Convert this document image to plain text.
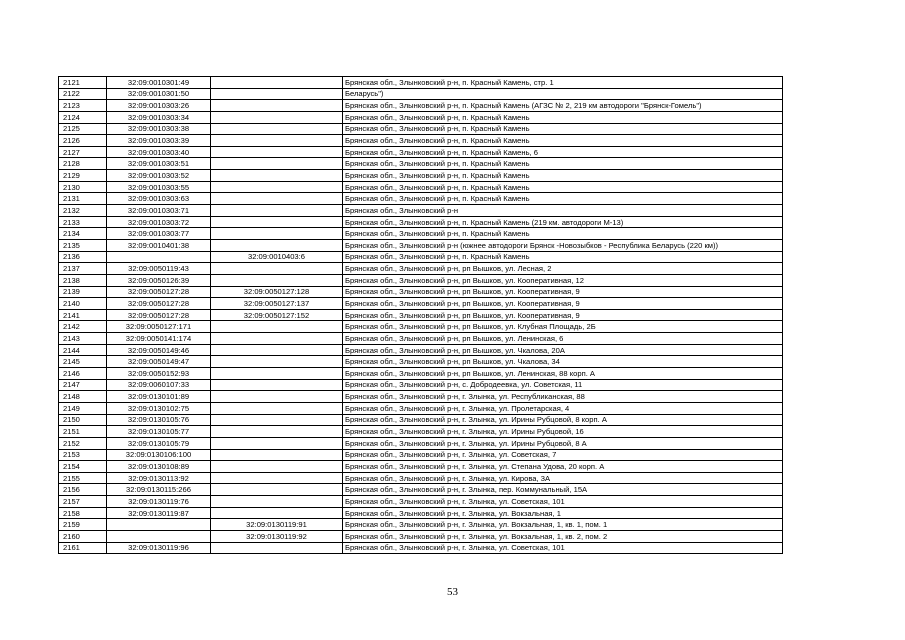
2121	32:09:0010301:49		Брянская обл., Злынковский р-н, п. Красный Камень, стр. 1
2122	32:09:0010301:50		Беларусь")
2123	32:09:0010303:26		Брянская обл., Злынковский р-н, п. Красный Камень (АГЗС № 2, 219 км автодороги "Брянск-Гомель")
2124	32:09:0010303:34		Брянская обл., Злынковский р-н, п. Красный Камень
2125	32:09:0010303:38		Брянская обл., Злынковский р-н, п. Красный Камень
2126	32:09:0010303:39		Брянская обл., Злынковский р-н, п. Красный Камень
2127	32:09:0010303:40		Брянская обл., Злынковский р-н, п. Красный Камень, 6
2128	32:09:0010303:51		Брянская обл., Злынковский р-н, п. Красный Камень
2129	32:09:0010303:52		Брянская обл., Злынковский р-н, п. Красный Камень
2130	32:09:0010303:55		Брянская обл., Злынковский р-н, п. Красный Камень
2131	32:09:0010303:63		Брянская обл., Злынковский р-н, п. Красный Камень
2132	32:09:0010303:71		Брянская обл., Злынковский р-н
2133	32:09:0010303:72		Брянская обл., Злынковский р-н, п. Красный Камень (219 км. автодороги М-13)
2134	32:09:0010303:77		Брянская обл., Злынковский р-н, п. Красный Камень
2135	32:09:0010401:38		Брянская обл., Злынковский р-н (южнее автодороги Брянск -Новозыбков - Республика Беларусь (220 км))
2136		32:09:0010403:6	Брянская обл., Злынковский р-н, п. Красный Камень
2137	32:09:0050119:43		Брянская обл., Злынковский р-н, рп Вышков, ул. Лесная, 2
2138	32:09:0050126:39		Брянская обл., Злынковский р-н, рп Вышков, ул. Кооперативная, 12
2139	32:09:0050127:28	32:09:0050127:128	Брянская обл., Злынковский р-н, рп Вышков, ул. Кооперативная, 9
2140	32:09:0050127:28	32:09:0050127:137	Брянская обл., Злынковский р-н, рп Вышков, ул. Кооперативная, 9
2141	32:09:0050127:28	32:09:0050127:152	Брянская обл., Злынковский р-н, рп Вышков, ул. Кооперативная, 9
2142	32:09:0050127:171		Брянская обл., Злынковский р-н, рп Вышков, ул. Клубная Площадь, 2Б
2143	32:09:0050141:174		Брянская обл., Злынковский р-н, рп Вышков, ул. Ленинская, 6
2144	32:09:0050149:46		Брянская обл., Злынковский р-н, рп Вышков, ул. Чкалова, 20А
2145	32:09:0050149:47		Брянская обл., Злынковский р-н, рп Вышков, ул. Чкалова, 34
2146	32:09:0050152:93		Брянская обл., Злынковский р-н, рп Вышков, ул. Ленинская, 88 корп. А
2147	32:09:0060107:33		Брянская обл., Злынковский р-н, с. Добродеевка, ул. Советская, 11
2148	32:09:0130101:89		Брянская обл., Злынковский р-н, г. Злынка, ул. Республиканская, 88
2149	32:09:0130102:75		Брянская обл., Злынковский р-н, г. Злынка, ул. Пролетарская, 4
2150	32:09:0130105:76		Брянская обл., Злынковский р-н, г. Злынка, ул. Ирины Рубцовой, 8 корп. А
2151	32:09:0130105:77		Брянская обл., Злынковский р-н, г. Злынка, ул. Ирины Рубцовой, 16
2152	32:09:0130105:79		Брянская обл., Злынковский р-н, г. Злынка, ул. Ирины Рубцовой, 8 А
2153	32:09:0130106:100		Брянская обл., Злынковский р-н, г. Злынка, ул. Советская, 7
2154	32:09:0130108:89		Брянская обл., Злынковский р-н, г. Злынка, ул. Степана Удова, 20 корп. А
2155	32:09:0130113:92		Брянская обл., Злынковский р-н, г. Злынка, ул. Кирова, 3А
2156	32:09:0130115:266		Брянская обл., Злынковский р-н, г. Злынка, пер. Коммунальный, 15А
2157	32:09:0130119:76		Брянская обл., Злынковский р-н, г. Злынка, ул. Советская, 101
2158	32:09:0130119:87		Брянская обл., Злынковский р-н, г. Злынка, ул. Вокзальная, 1
2159		32:09:0130119:91	Брянская обл., Злынковский р-н, г. Злынка, ул. Вокзальная, 1, кв. 1, пом. 1
2160		32:09:0130119:92	Брянская обл., Злынковский р-н, г. Злынка, ул. Вокзальная, 1, кв. 2, пом. 2
2161	32:09:0130119:96		Брянская обл., Злынковский р-н, г. Злынка, ул. Советская, 101
53
